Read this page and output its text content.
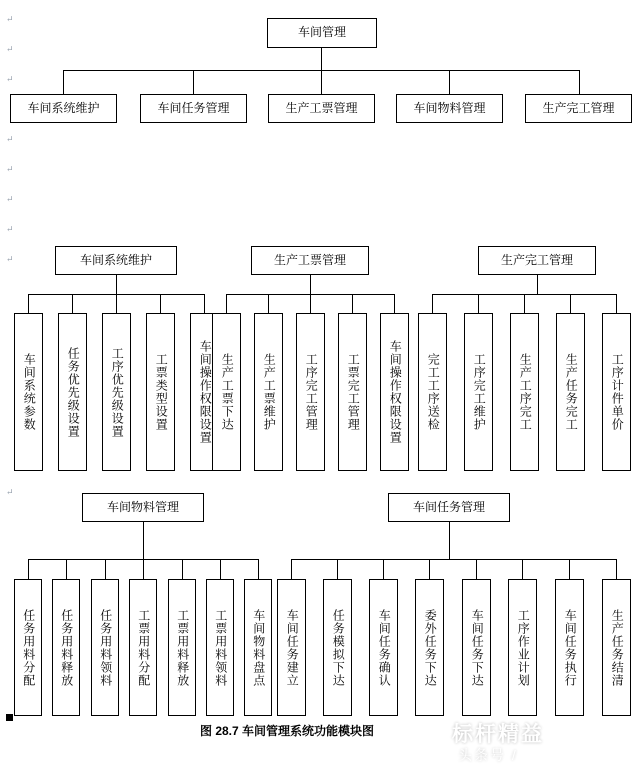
↵
↵
↵
↵
↵
↵
↵
↵
↵
车间管理
车间系统维护	车间任务管理	生产工票管理	车间物料管理	生产完工管理
车间系统维护
车间系统参数	任务优先级设置	工序优先级设置	工票类型设置	车间操作权限设置
生产工票管理
生产工票下达	生产工票维护	工序完工管理	工票完工管理	车间操作权限设置
生产完工管理
完工工序送检	工序完工维护	生产工序完工	生产任务完工	工序计件单价
车间物料管理
任务用料分配	任务用料释放	任务用料领料	工票用料分配	工票用料释放	工票用料领料	车间物料盘点
车间任务管理
车间任务建立	任务模拟下达	车间任务确认	委外任务下达	车间任务下达	工序作业计划	车间任务执行	生产任务结清
图 28.7 车间管理系统功能模块图	今 标杆精益
头条号 /
